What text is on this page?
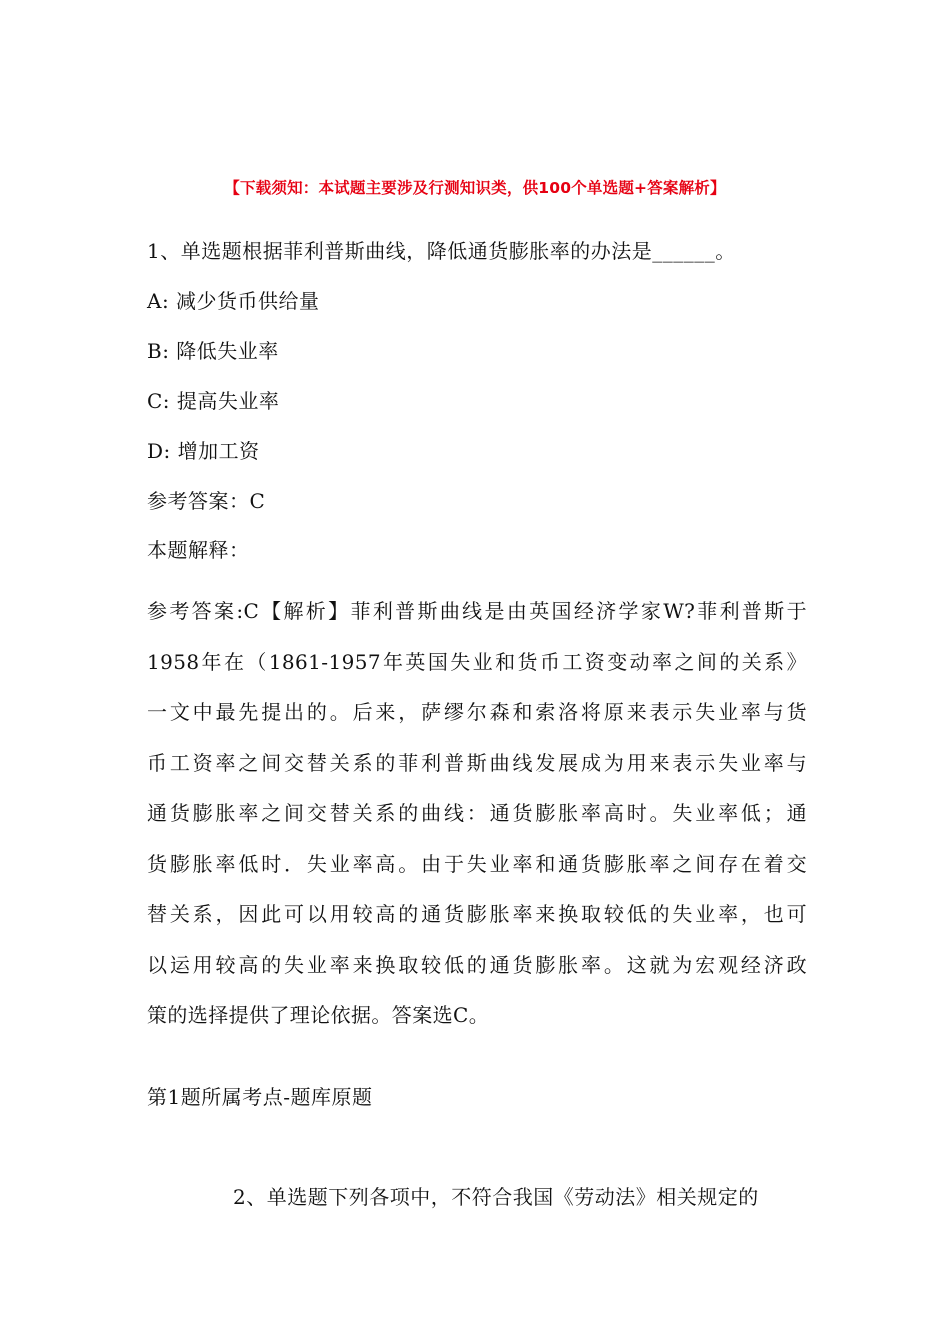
【下载须知：本试题主要涉及行测知识类，供100个单选题+答案解析】
1、单选题根据菲利普斯曲线，降低通货膨胀率的办法是______。
A: 减少货币供给量
B: 降低失业率
C: 提高失业率
D: 增加工资
参考答案：C
本题解释：
参考答案:C【解析】菲利普斯曲线是由英国经济学家W?菲利普斯于
1958年在（1861-1957年英国失业和货币工资变动率之间的关系》
一文中最先提出的。后来，萨缪尔森和索洛将原来表示失业率与货
币工资率之间交替关系的菲利普斯曲线发展成为用来表示失业率与
通货膨胀率之间交替关系的曲线：通货膨胀率高时。失业率低；通
货膨胀率低时．失业率高。由于失业率和通货膨胀率之间存在着交
替关系，因此可以用较高的通货膨胀率来换取较低的失业率，也可
以运用较高的失业率来换取较低的通货膨胀率。这就为宏观经济政
策的选择提供了理论依据。答案选C。
第1题所属考点-题库原题
2、单选题下列各项中，不符合我国《劳动法》相关规定的
